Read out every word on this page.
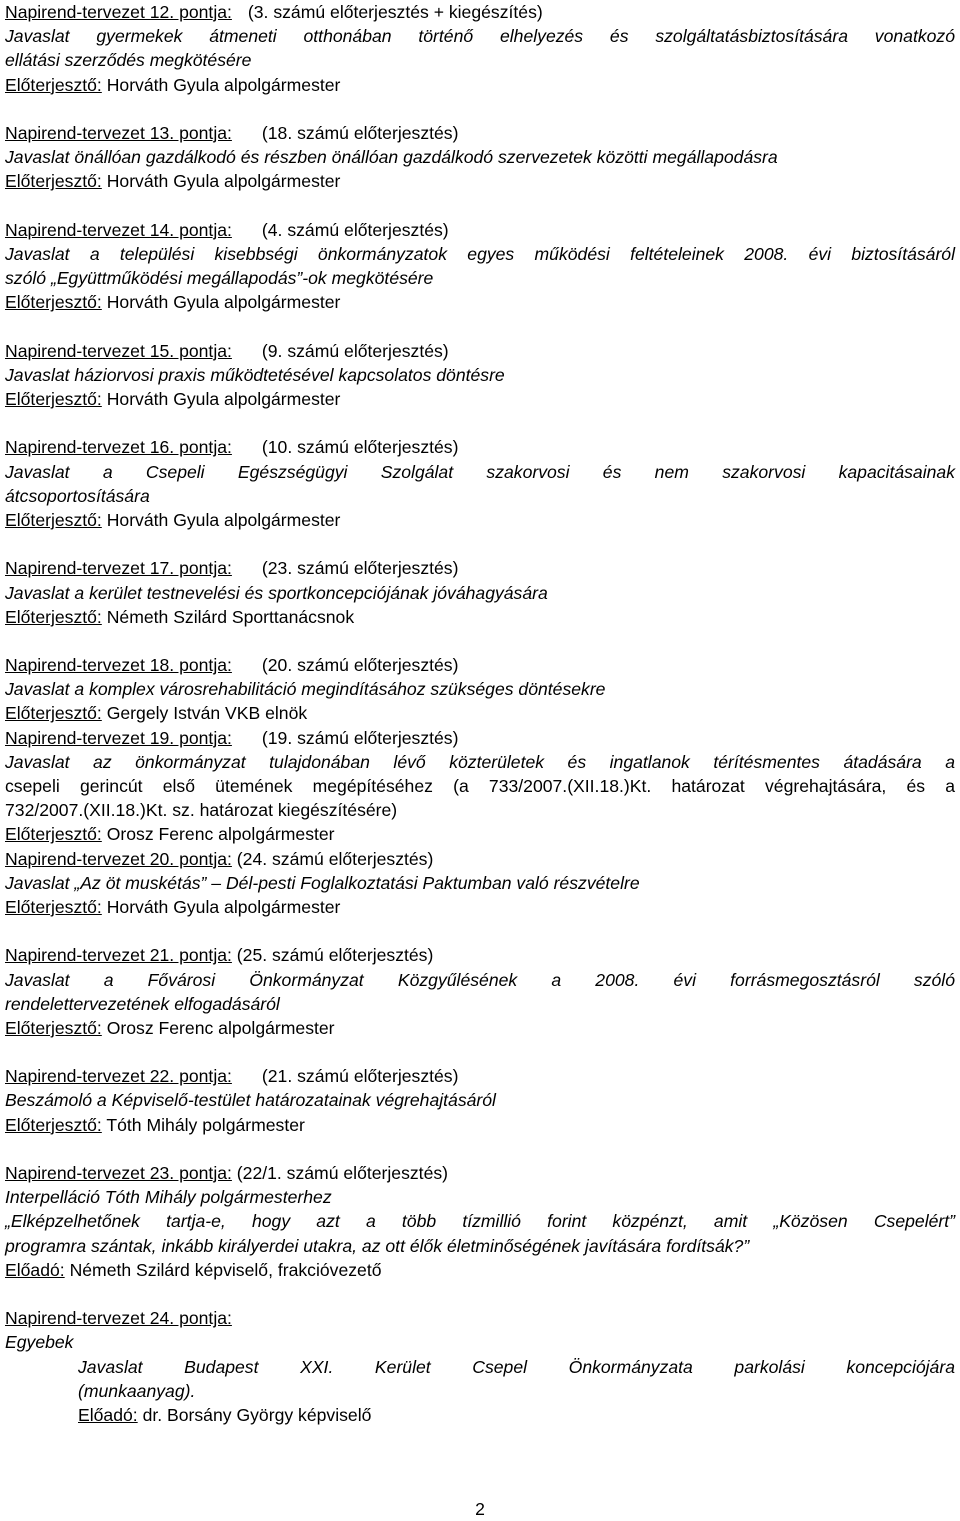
Napirend-tervezet 12. pontja: (3. számú előterjesztés + kiegészítés)
Javaslat gyermekek átmeneti otthonában történő elhelyezés és szolgáltatásbiztosítására vonatkozó
ellátási szerződés megkötésére
Előterjesztő: Horváth Gyula alpolgármester
Napirend-tervezet 13. pontja: (18. számú előterjesztés)
Javaslat önállóan gazdálkodó és részben önállóan gazdálkodó szervezetek közötti megállapodásra
Előterjesztő: Horváth Gyula alpolgármester
Napirend-tervezet 14. pontja: (4. számú előterjesztés)
Javaslat a települési kisebbségi önkormányzatok egyes működési feltételeinek 2008. évi biztosításáról
szóló „Együttműködési megállapodás”-ok megkötésére
Előterjesztő: Horváth Gyula alpolgármester
Napirend-tervezet 15. pontja: (9. számú előterjesztés)
Javaslat háziorvosi praxis működtetésével kapcsolatos döntésre
Előterjesztő: Horváth Gyula alpolgármester
Napirend-tervezet 16. pontja: (10. számú előterjesztés)
Javaslat a Csepeli Egészségügyi Szolgálat szakorvosi és nem szakorvosi kapacitásainak
átcsoportosítására
Előterjesztő: Horváth Gyula alpolgármester
Napirend-tervezet 17. pontja: (23. számú előterjesztés)
Javaslat a kerület testnevelési és sportkoncepciójának jóváhagyására
Előterjesztő: Németh Szilárd Sporttanácsnok
Napirend-tervezet 18. pontja: (20. számú előterjesztés)
Javaslat a komplex városrehabilitáció megindításához szükséges döntésekre
Előterjesztő: Gergely István VKB elnök
Napirend-tervezet 19. pontja: (19. számú előterjesztés)
Javaslat az önkormányzat tulajdonában lévő közterületek és ingatlanok térítésmentes átadására a
csepeli gerincút első ütemének megépítéséhez (a 733/2007.(XII.18.)Kt. határozat végrehajtására, és a
732/2007.(XII.18.)Kt. sz. határozat kiegészítésére)
Előterjesztő: Orosz Ferenc alpolgármester
Napirend-tervezet 20. pontja: (24. számú előterjesztés)
Javaslat „Az öt muskétás” – Dél-pesti Foglalkoztatási Paktumban való részvételre
Előterjesztő: Horváth Gyula alpolgármester
Napirend-tervezet 21. pontja: (25. számú előterjesztés)
Javaslat a Fővárosi Önkormányzat Közgyűlésének a 2008. évi forrásmegosztásról szóló
rendelettervezetének elfogadásáról
Előterjesztő: Orosz Ferenc alpolgármester
Napirend-tervezet 22. pontja: (21. számú előterjesztés)
Beszámoló a Képviselő-testület határozatainak végrehajtásáról
Előterjesztő: Tóth Mihály polgármester
Napirend-tervezet 23. pontja: (22/1. számú előterjesztés)
Interpelláció Tóth Mihály polgármesterhez
„Elképzelhetőnek tartja-e, hogy azt a több tízmillió forint közpénzt, amit „Közösen Csepelért”
programra szántak, inkább királyerdei utakra, az ott élők életminőségének javítására fordítsák?”
Előadó: Németh Szilárd képviselő, frakcióvezető
Napirend-tervezet 24. pontja:
Egyebek
Javaslat Budapest XXI. Kerület Csepel Önkormányzata parkolási koncepciójára
(munkaanyag).
Előadó: dr. Borsány György képviselő
2
